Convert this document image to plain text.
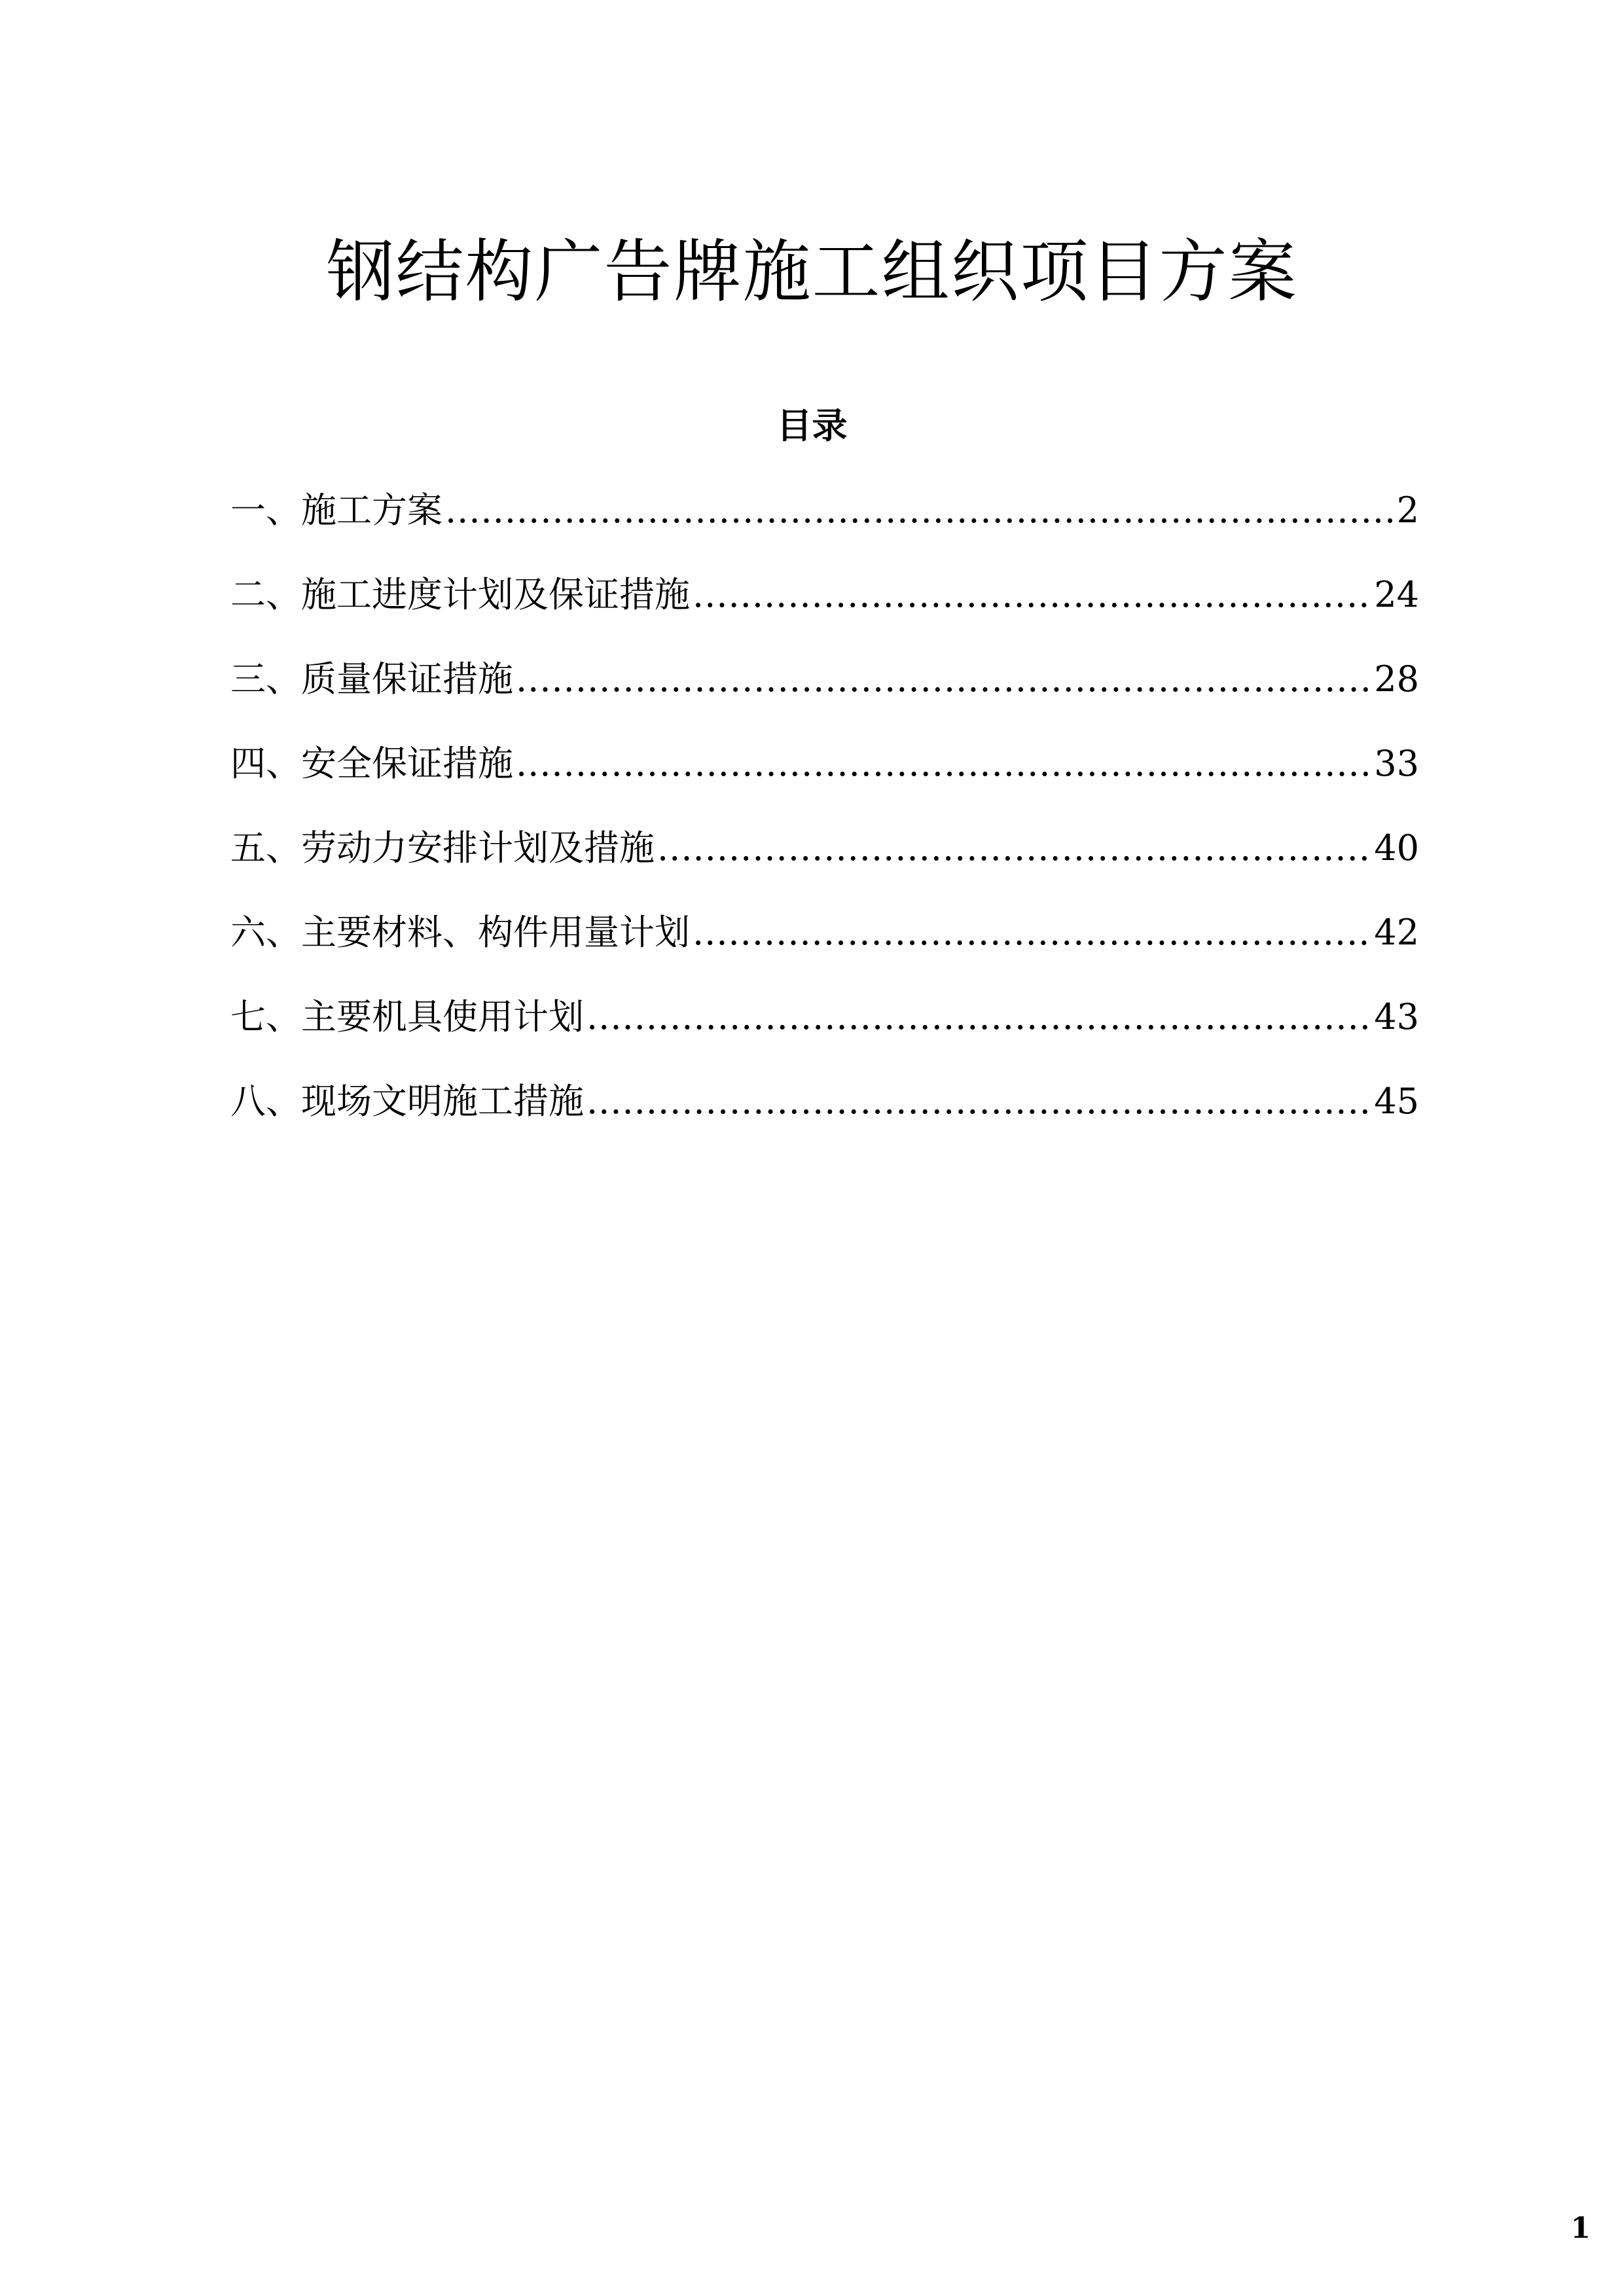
钢结构广告牌施工组织项目方案
目录
一、施工方案 .....	2
二、施工进度计划及保证措施 .....	24
三、质量保证措施 .....	28
四、安全保证措施 .....	33
五、劳动力安排计划及措施 .....	40
六、主要材料、构件用量计划 .....	42
七、主要机具使用计划 .....	43
八、现场文明施工措施 .....	45
1
